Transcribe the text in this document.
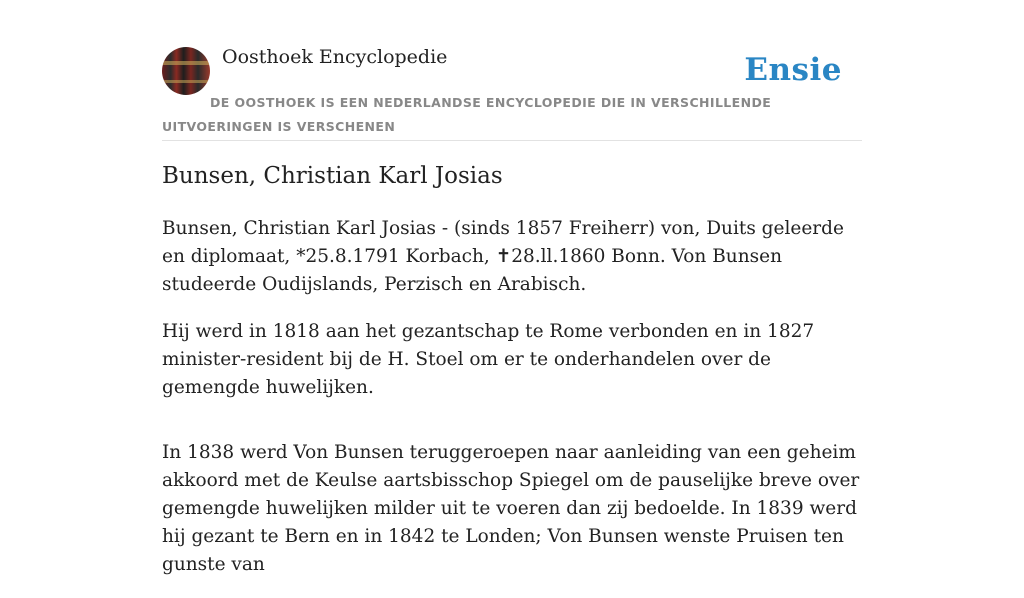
Oosthoek Encyclopedie	Ensie
DE OOSTHOEK IS EEN NEDERLANDSE ENCYCLOPEDIE DIE IN VERSCHILLENDE UITVOERINGEN IS VERSCHENEN
Bunsen, Christian Karl Josias

Bunsen, Christian Karl Josias - (sinds 1857 Freiherr) von, Duits geleerde en diplomaat, *25.8.1791 Korbach, ✝28.ll.1860 Bonn. Von Bunsen studeerde Oudijslands, Perzisch en Arabisch.

Hij werd in 1818 aan het gezantschap te Rome verbonden en in 1827 minister-resident bij de H. Stoel om er te onderhandelen over de gemengde huwelijken.

In 1838 werd Von Bunsen teruggeroepen naar aanleiding van een geheim akkoord met de Keulse aartsbisschop Spiegel om de pauselijke breve over gemengde huwelijken milder uit te voeren dan zij bedoelde. In 1839 werd hij gezant te Bern en in 1842 te Londen; Von Bunsen wenste Pruisen ten gunste van
